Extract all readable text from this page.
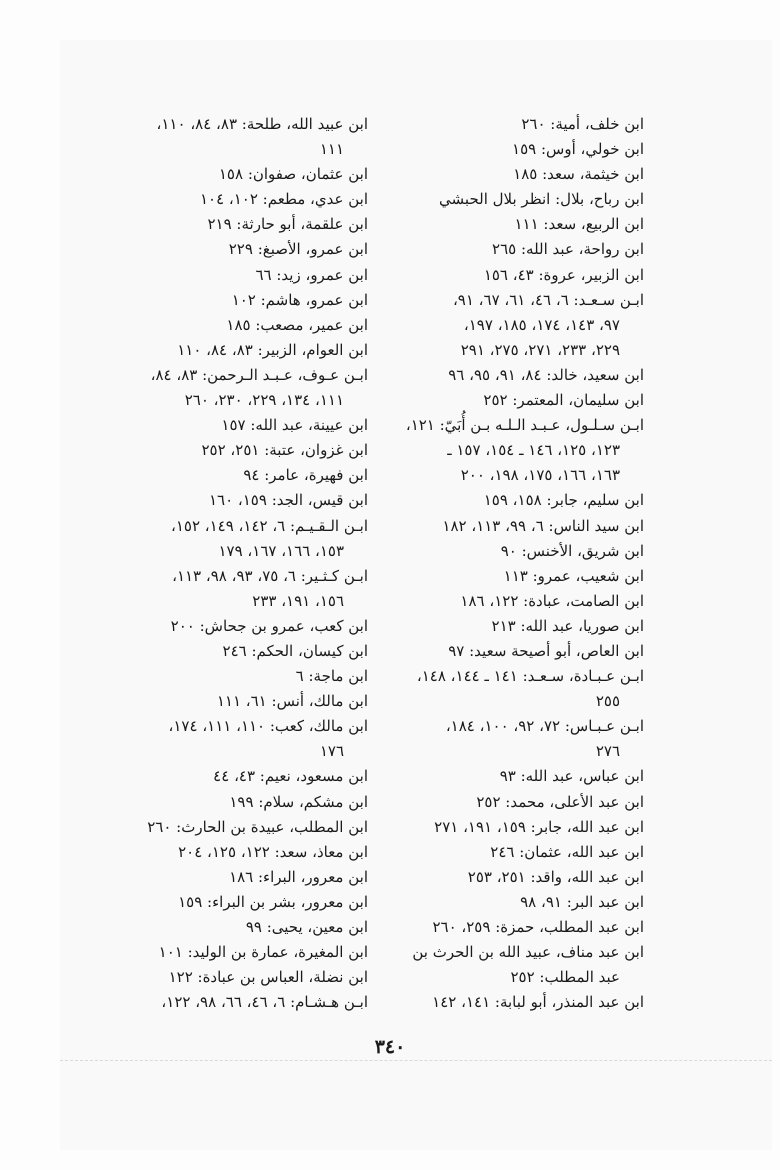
ابن خلف، أمية: ٢٦٠
ابن خولي، أوس: ١٥٩
ابن خيثمة، سعد: ١٨٥
ابن رباح، بلال: انظر بلال الحبشي
ابن الربيع، سعد: ١١١
ابن رواحة، عبد الله: ٢٦٥
ابن الزبير، عروة: ٤٣، ١٥٦
ابـن سـعـد: ٦، ٤٦، ٦١، ٦٧، ٩١،
٩٧، ١٤٣، ١٧٤، ١٨٥، ١٩٧،
٢٢٩، ٢٣٣، ٢٧١، ٢٧٥، ٢٩١
ابن سعيد، خالد: ٨٤، ٩١، ٩٥، ٩٦
ابن سليمان، المعتمر: ٢٥٢
ابـن سـلـول، عـبـد الـلـه بـن أُبَيّ: ١٢١،
١٢٣، ١٢٥، ١٤٦ ـ ١٥٤، ١٥٧ ـ
١٦٣، ١٦٦، ١٧٥، ١٩٨، ٢٠٠
ابن سليم، جابر: ١٥٨، ١٥٩
ابن سيد الناس: ٦، ٩٩، ١١٣، ١٨٢
ابن شريق، الأخنس: ٩٠
ابن شعيب، عمرو: ١١٣
ابن الصامت، عبادة: ١٢٢، ١٨٦
ابن صوريا، عبد الله: ٢١٣
ابن العاص، أبو أصيحة سعيد: ٩٧
ابـن عـبـادة، سـعـد: ١٤١ ـ ١٤٤، ١٤٨،
٢٥٥
ابـن عـبـاس: ٧٢، ٩٢، ١٠٠، ١٨٤،
٢٧٦
ابن عباس، عبد الله: ٩٣
ابن عبد الأعلى، محمد: ٢٥٢
ابن عبد الله، جابر: ١٥٩، ١٩١، ٢٧١
ابن عبد الله، عثمان: ٢٤٦
ابن عبد الله، واقد: ٢٥١، ٢٥٣
ابن عبد البر: ٩١، ٩٨
ابن عبد المطلب، حمزة: ٢٥٩، ٢٦٠
ابن عبد مناف، عبيد الله بن الحرث بن
عبد المطلب: ٢٥٢
ابن عبد المنذر، أبو لبابة: ١٤١، ١٤٢
ابن عبيد الله، طلحة: ٨٣، ٨٤، ١١٠،
١١١
ابن عثمان، صفوان: ١٥٨
ابن عدي، مطعم: ١٠٢، ١٠٤
ابن علقمة، أبو حارثة: ٢١٩
ابن عمرو، الأصبغ: ٢٢٩
ابن عمرو، زيد: ٦٦
ابن عمرو، هاشم: ١٠٢
ابن عمير، مصعب: ١٨٥
ابن العوام، الزبير: ٨٣، ٨٤، ١١٠
ابـن عـوف، عـبـد الـرحمن: ٨٣، ٨٤،
١١١، ١٣٤، ٢٢٩، ٢٣٠، ٢٦٠
ابن عيينة، عبد الله: ١٥٧
ابن غزوان، عتبة: ٢٥١، ٢٥٢
ابن فهيرة، عامر: ٩٤
ابن قيس، الجد: ١٥٩، ١٦٠
ابـن الـقـيـم: ٦، ١٤٢، ١٤٩، ١٥٢،
١٥٣، ١٦٦، ١٦٧، ١٧٩
ابـن كـثـير: ٦، ٧٥، ٩٣، ٩٨، ١١٣،
١٥٦، ١٩١، ٢٣٣
ابن كعب، عمرو بن جحاش: ٢٠٠
ابن كيسان، الحكم: ٢٤٦
ابن ماجة: ٦
ابن مالك، أنس: ٦١، ١١١
ابن مالك، كعب: ١١٠، ١١١، ١٧٤،
١٧٦
ابن مسعود، نعيم: ٤٣، ٤٤
ابن مشكم، سلام: ١٩٩
ابن المطلب، عبيدة بن الحارث: ٢٦٠
ابن معاذ، سعد: ١٢٢، ١٢٥، ٢٠٤
ابن معرور، البراء: ١٨٦
ابن معرور، بشر بن البراء: ١٥٩
ابن معين، يحيى: ٩٩
ابن المغيرة، عمارة بن الوليد: ١٠١
ابن نضلة، العباس بن عبادة: ١٢٢
ابـن هـشـام: ٦، ٤٦، ٦٦، ٩٨، ١٢٢،
٣٤٠
